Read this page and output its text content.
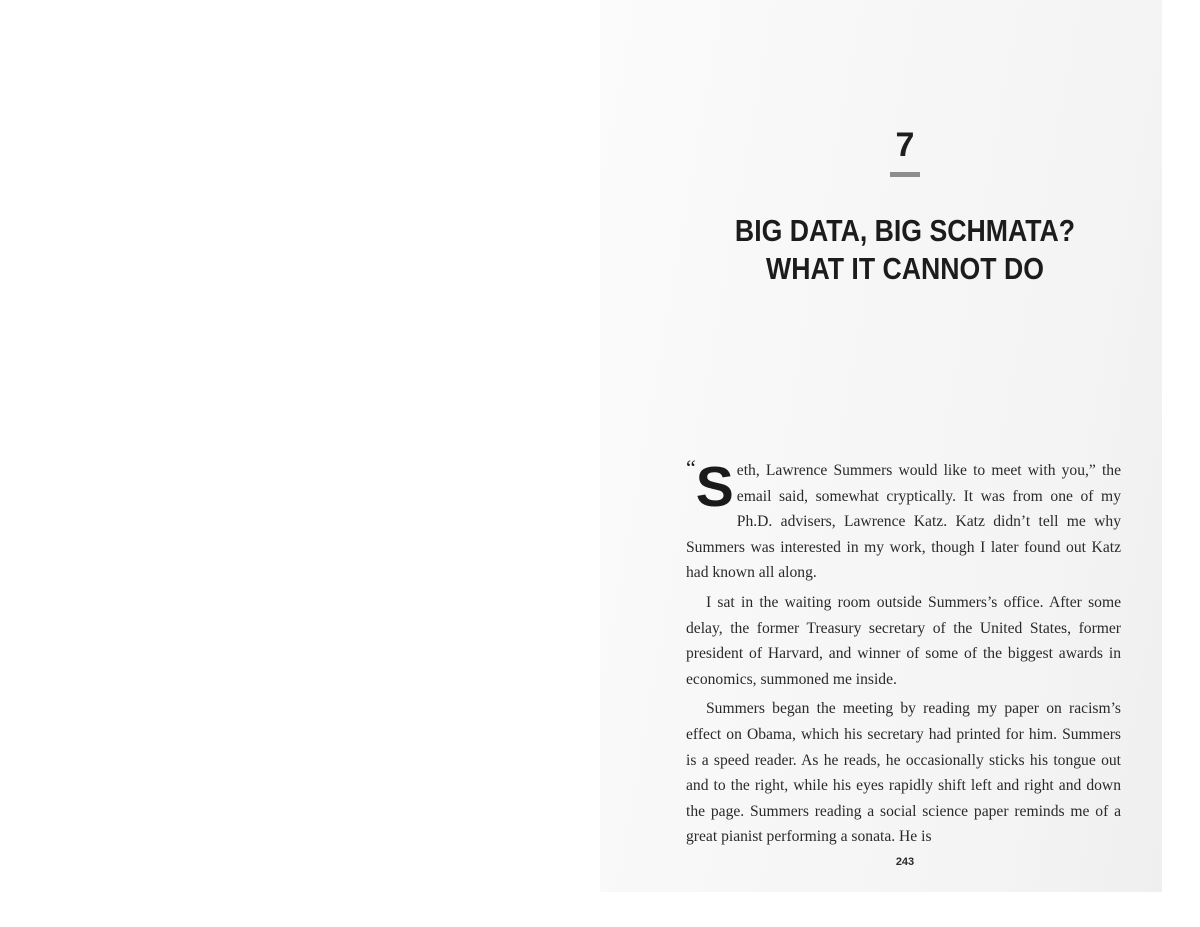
7
BIG DATA, BIG SCHMATA?
WHAT IT CANNOT DO

“ S eth, Lawrence Summers would like to meet with you,” the email said, somewhat cryptically. It was from one of my Ph.D. advisers, Lawrence Katz. Katz didn’t tell me why Summers was interested in my work, though I later found out Katz had known all along.

I sat in the waiting room outside Summers’s office. After some delay, the former Treasury secretary of the United States, former president of Harvard, and winner of some of the biggest awards in economics, summoned me inside.

Summers began the meeting by reading my paper on racism’s effect on Obama, which his secretary had printed for him. Summers is a speed reader. As he reads, he occasionally sticks his tongue out and to the right, while his eyes rapidly shift left and right and down the page. Summers reading a social science paper reminds me of a great pianist performing a sonata. He is

243
